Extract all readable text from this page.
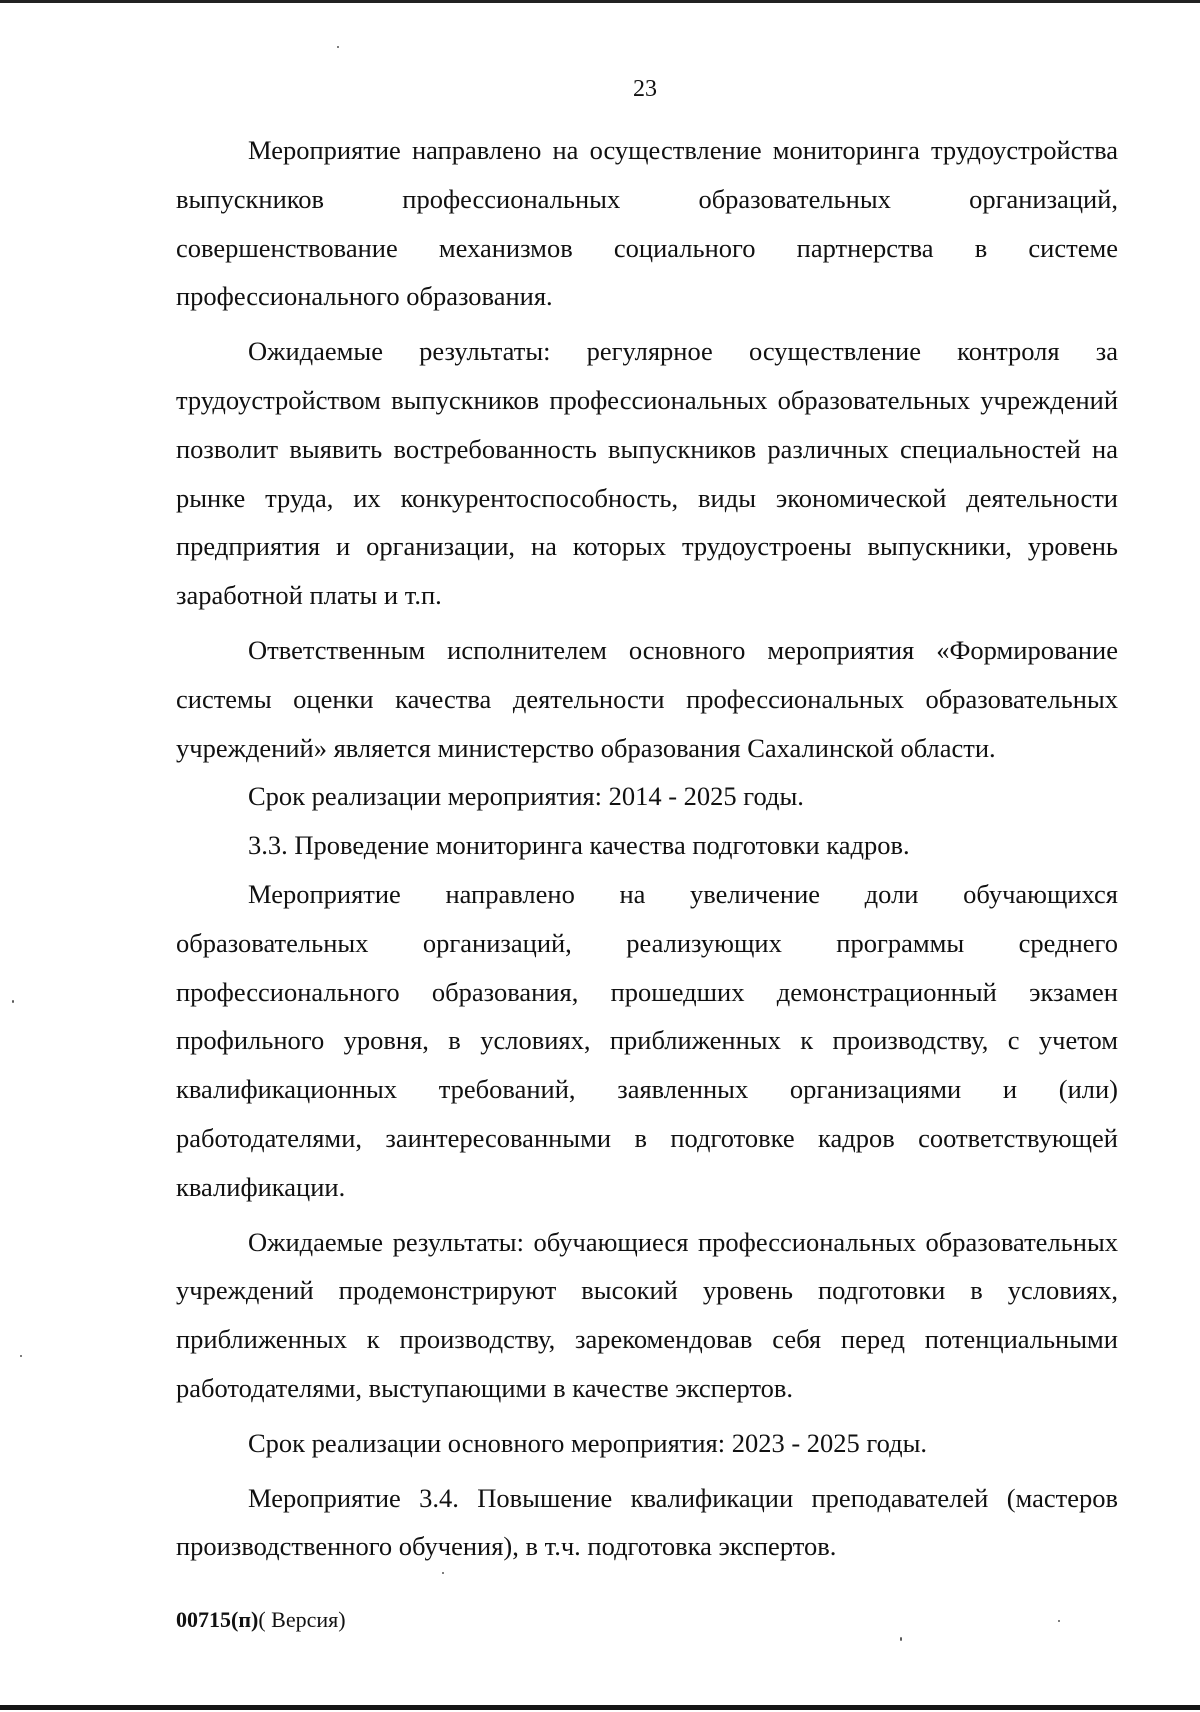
23

Мероприятие направлено на осуществление мониторинга трудоустройства выпускников профессиональных образовательных организаций, совершенствование механизмов социального партнерства в системе профессионального образования.

Ожидаемые результаты: регулярное осуществление контроля за трудоустройством выпускников профессиональных образовательных учреждений позволит выявить востребованность выпускников различных специальностей на рынке труда, их конкурентоспособность, виды экономической деятельности предприятия и организации, на которых трудоустроены выпускники, уровень заработной платы и т.п.

Ответственным исполнителем основного мероприятия «Формирование системы оценки качества деятельности профессиональных образовательных учреждений» является министерство образования Сахалинской области.

Срок реализации мероприятия: 2014 - 2025 годы.

3.3. Проведение мониторинга качества подготовки кадров.

Мероприятие направлено на увеличение доли обучающихся образовательных организаций, реализующих программы среднего профессионального образования, прошедших демонстрационный экзамен профильного уровня, в условиях, приближенных к производству, с учетом квалификационных требований, заявленных организациями и (или) работодателями, заинтересованными в подготовке кадров соответствующей квалификации.

Ожидаемые результаты: обучающиеся профессиональных образовательных учреждений продемонстрируют высокий уровень подготовки в условиях, приближенных к производству, зарекомендовав себя перед потенциальными работодателями, выступающими в качестве экспертов.

Срок реализации основного мероприятия: 2023 - 2025 годы.

Мероприятие 3.4. Повышение квалификации преподавателей (мастеров производственного обучения), в т.ч. подготовка экспертов.

00715(п)( Версия)
